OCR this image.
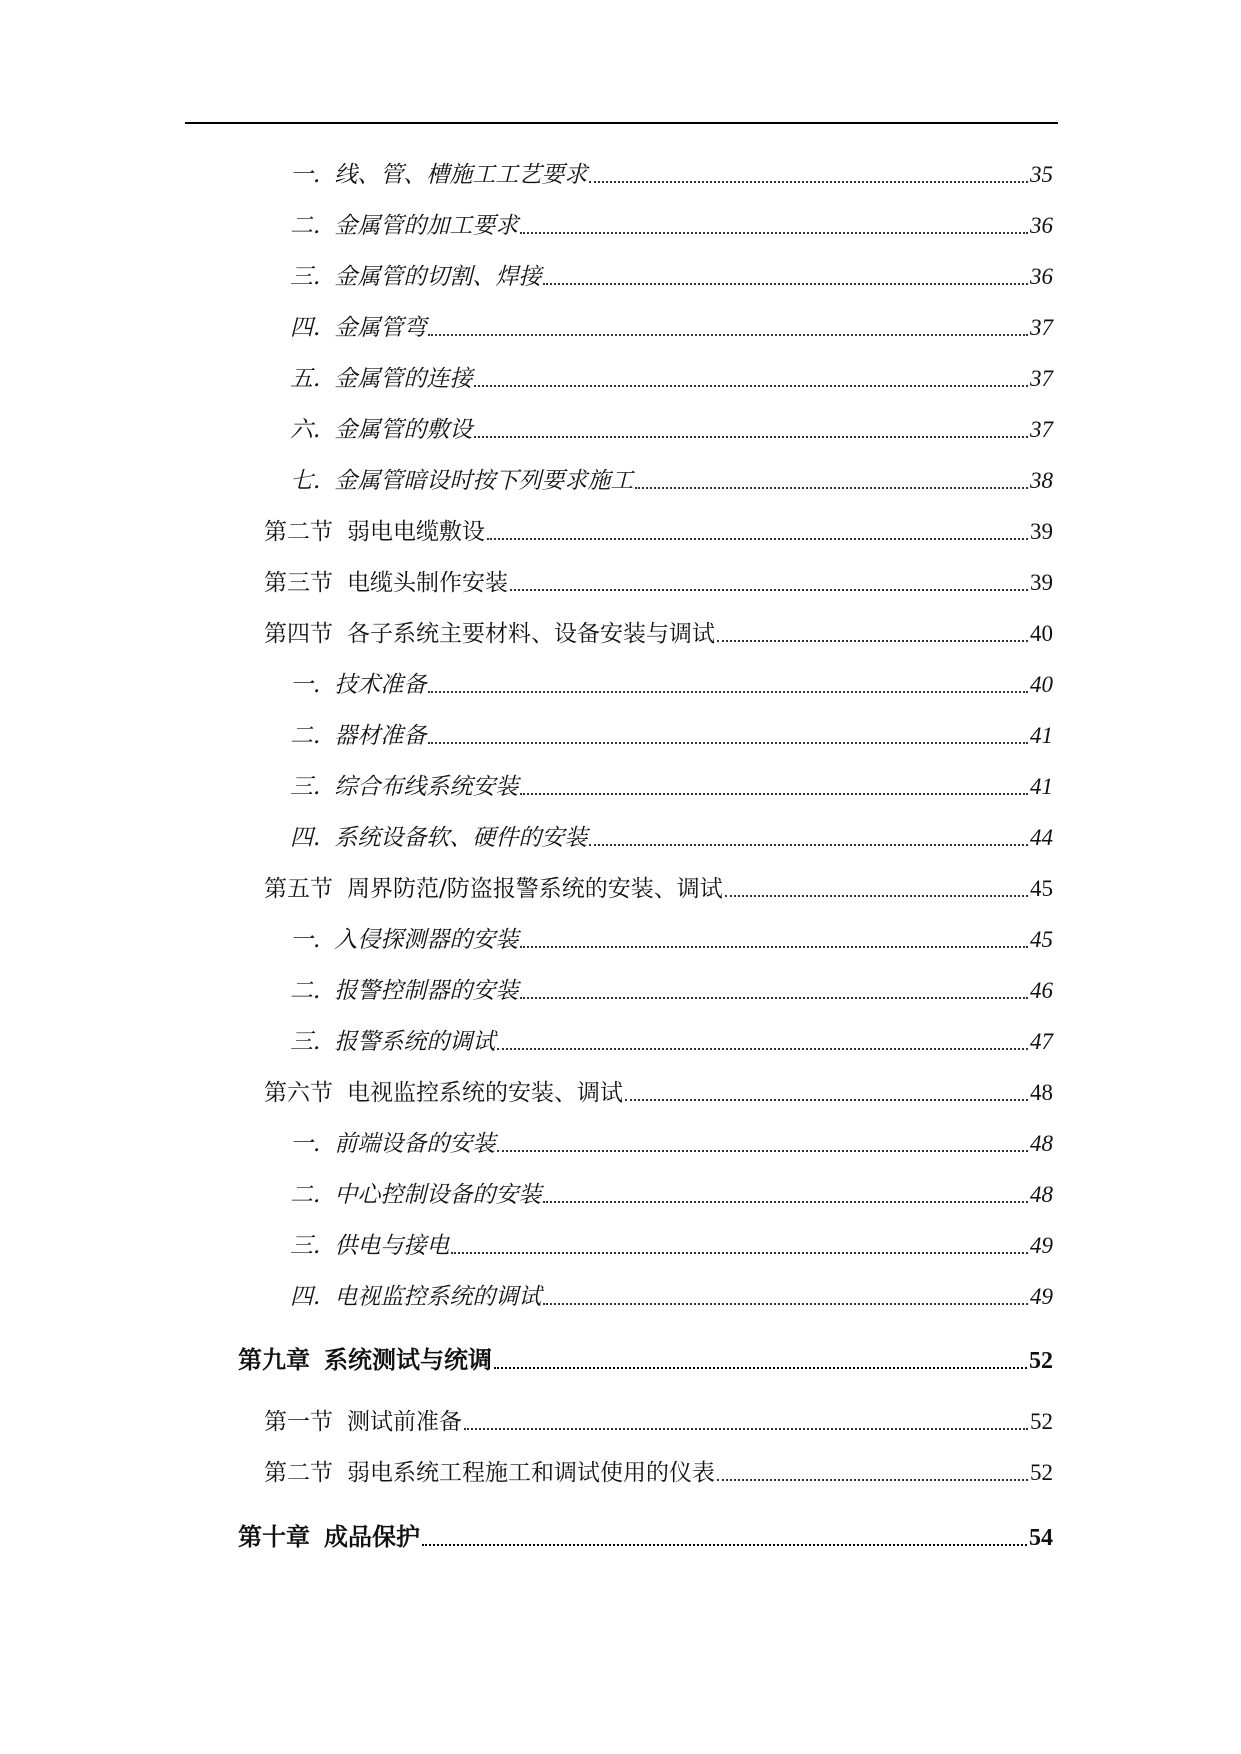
一. 线、管、槽施工工艺要求	35
二. 金属管的加工要求	36
三. 金属管的切割、焊接	36
四. 金属管弯	37
五. 金属管的连接	37
六. 金属管的敷设	37
七. 金属管暗设时按下列要求施工	38
第二节 弱电电缆敷设	39
第三节 电缆头制作安装	39
第四节 各子系统主要材料、设备安装与调试	40
一. 技术准备	40
二. 器材准备	41
三. 综合布线系统安装	41
四. 系统设备软、硬件的安装	44
第五节 周界防范/防盗报警系统的安装、调试	45
一. 入侵探测器的安装	45
二. 报警控制器的安装	46
三. 报警系统的调试	47
第六节 电视监控系统的安装、调试	48
一. 前端设备的安装	48
二. 中心控制设备的安装	48
三. 供电与接电	49
四. 电视监控系统的调试	49
第九章 系统测试与统调	52
第一节 测试前准备	52
第二节 弱电系统工程施工和调试使用的仪表	52
第十章 成品保护	54
